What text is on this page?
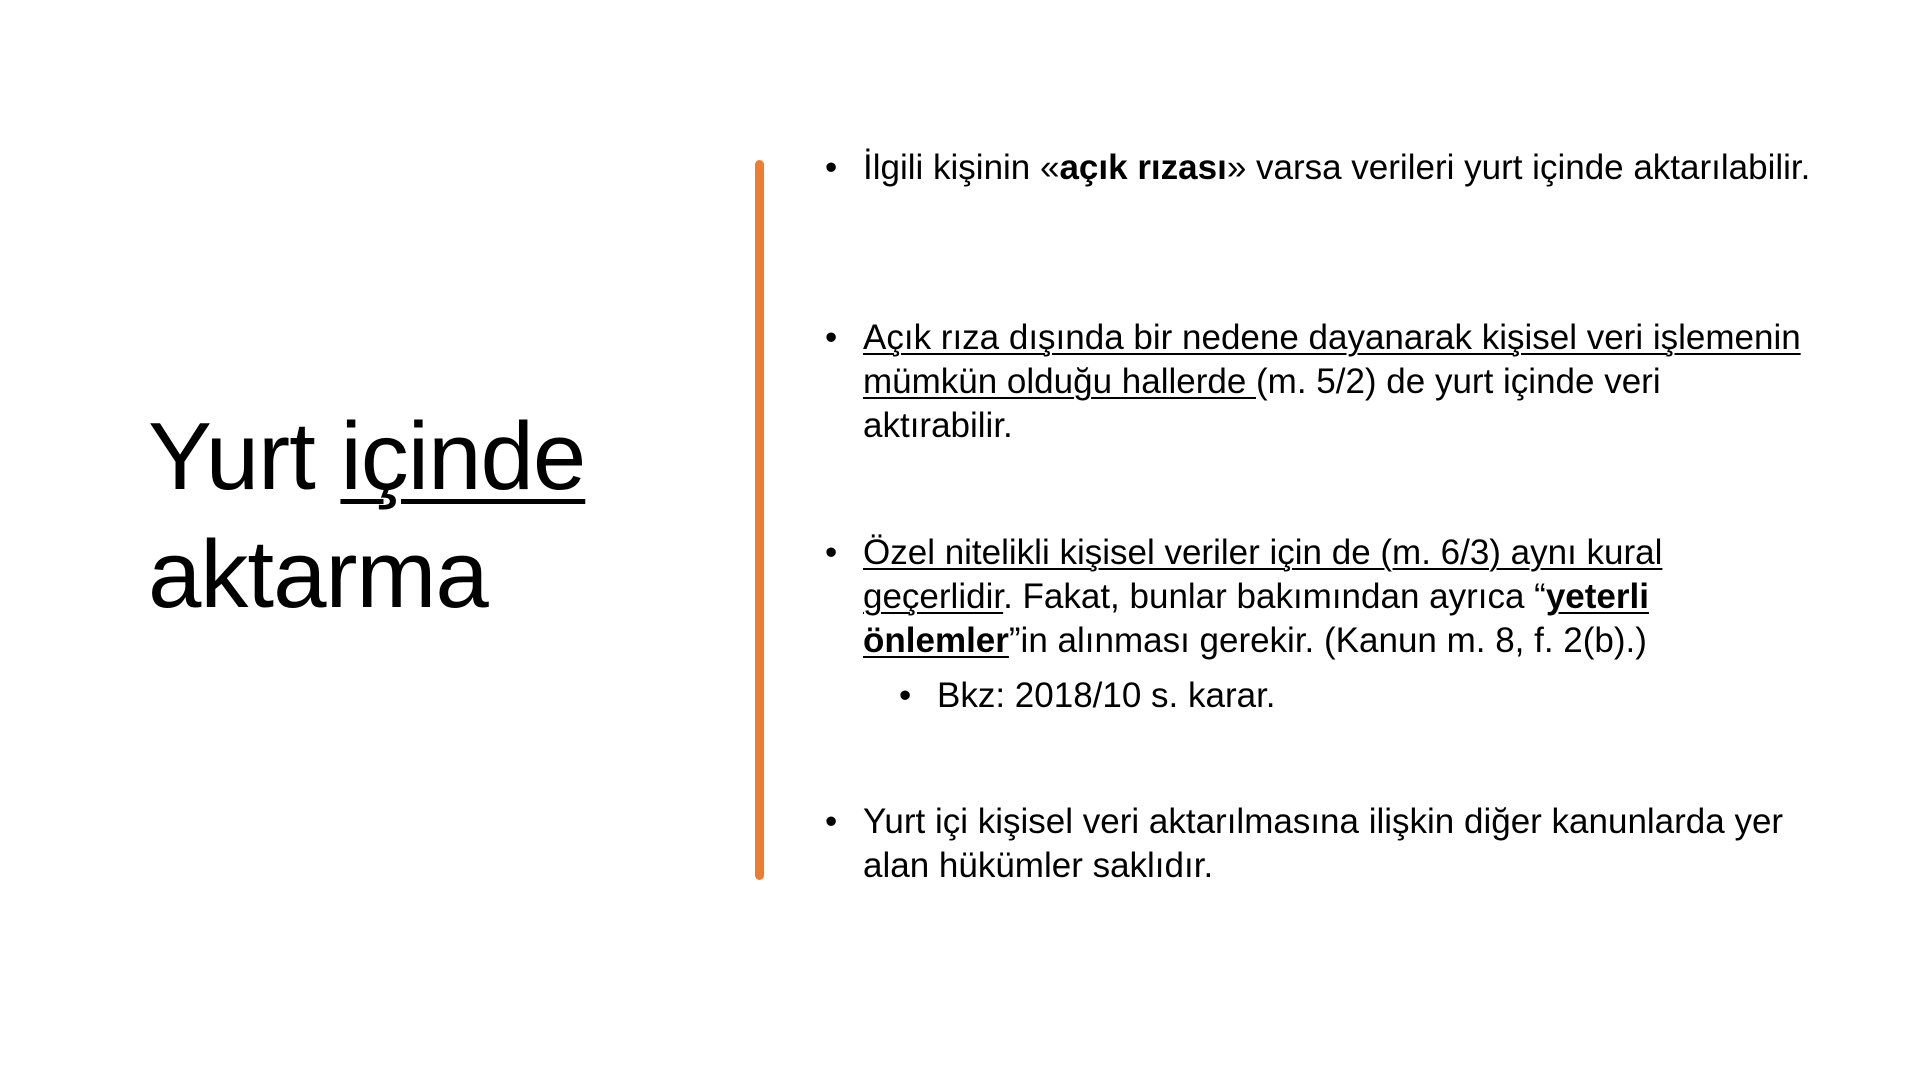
Yurt içinde
aktarma
• İlgili kişinin «açık rızası» varsa verileri yurt içinde aktarılabilir.
• Açık rıza dışında bir nedene dayanarak kişisel veri işlemenin mümkün olduğu hallerde (m. 5/2) de yurt içinde veri aktırabilir.
• Özel nitelikli kişisel veriler için de (m. 6/3) aynı kural geçerlidir. Fakat, bunlar bakımından ayrıca “yeterli önlemler”in alınması gerekir. (Kanun m. 8, f. 2(b).)
• Bkz: 2018/10 s. karar.
• Yurt içi kişisel veri aktarılmasına ilişkin diğer kanunlarda yer alan hükümler saklıdır.
